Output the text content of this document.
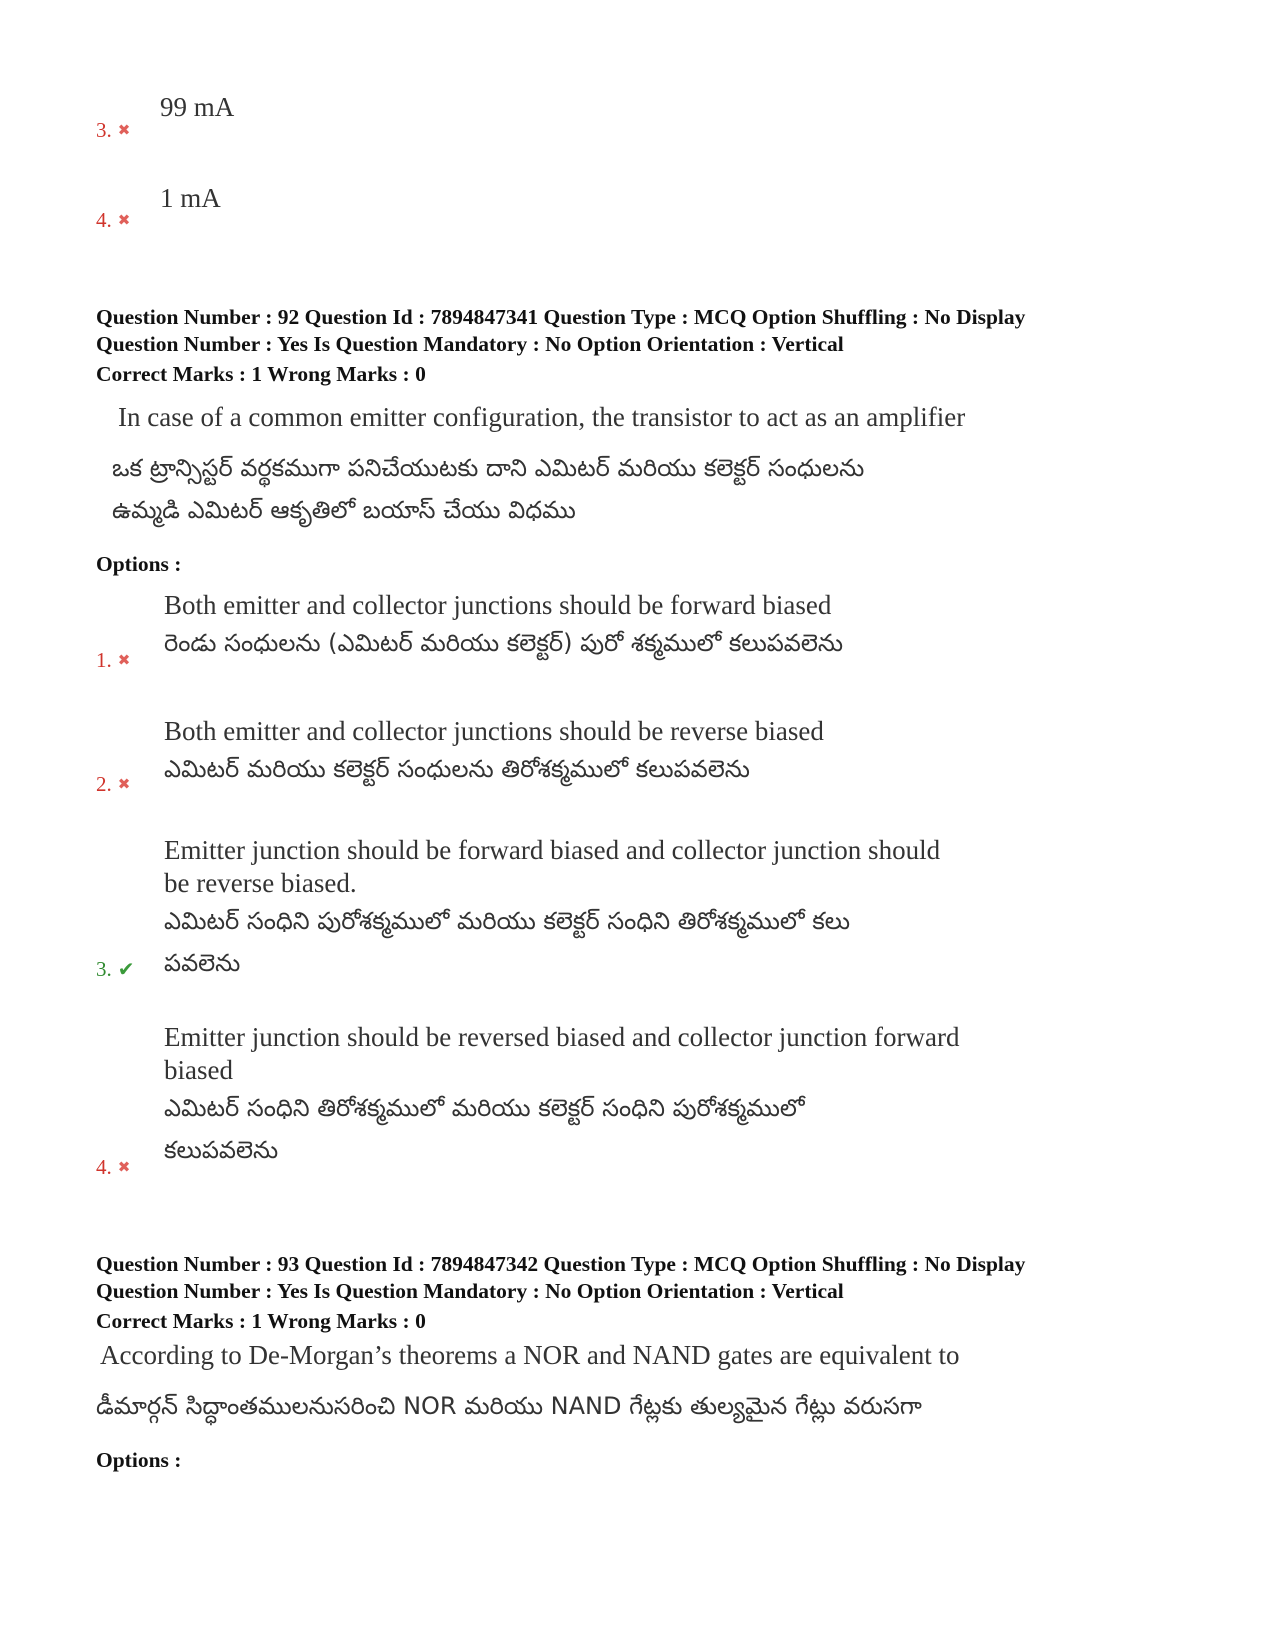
99 mA
3. ✖
1 mA
4. ✖
Question Number : 92 Question Id : 7894847341 Question Type : MCQ Option Shuffling : No Display
Question Number : Yes Is Question Mandatory : No Option Orientation : Vertical
Correct Marks : 1 Wrong Marks : 0
In case of a common emitter configuration, the transistor to act as an amplifier
ఒక ట్రాన్సిస్టర్ వర్థకముగా పనిచేయుటకు దాని ఎమిటర్ మరియు కలెక్టర్ సంధులను
ఉమ్మడి ఎమిటర్ ఆకృతిలో బయాస్ చేయు విధము
Options :
Both emitter and collector junctions should be forward biased
రెండు సంధులను (ఎమిటర్ మరియు కలెక్టర్) పురో శక్మములో కలుపవలెను
1. ✖
Both emitter and collector junctions should be reverse biased
ఎమిటర్ మరియు కలెక్టర్ సంధులను తిరోశక్మములో కలుపవలెను
2. ✖
Emitter junction should be forward biased and collector junction should
be reverse biased.
ఎమిటర్ సంధిని పురోశక్మములో మరియు కలెక్టర్ సంధిని తిరోశక్మములో కలు
పవలెను
3. ✔
Emitter junction should be reversed biased and collector junction forward
biased
ఎమిటర్ సంధిని తిరోశక్మములో మరియు కలెక్టర్ సంధిని పురోశక్మములో
కలుపవలెను
4. ✖
Question Number : 93 Question Id : 7894847342 Question Type : MCQ Option Shuffling : No Display
Question Number : Yes Is Question Mandatory : No Option Orientation : Vertical
Correct Marks : 1 Wrong Marks : 0
According to De-Morgan’s theorems a NOR and NAND gates are equivalent to
డీమార్గన్ సిద్ధాంతములనుసరించి NOR మరియు NAND గేట్లకు తుల్యమైన గేట్లు వరుసగా
Options :
